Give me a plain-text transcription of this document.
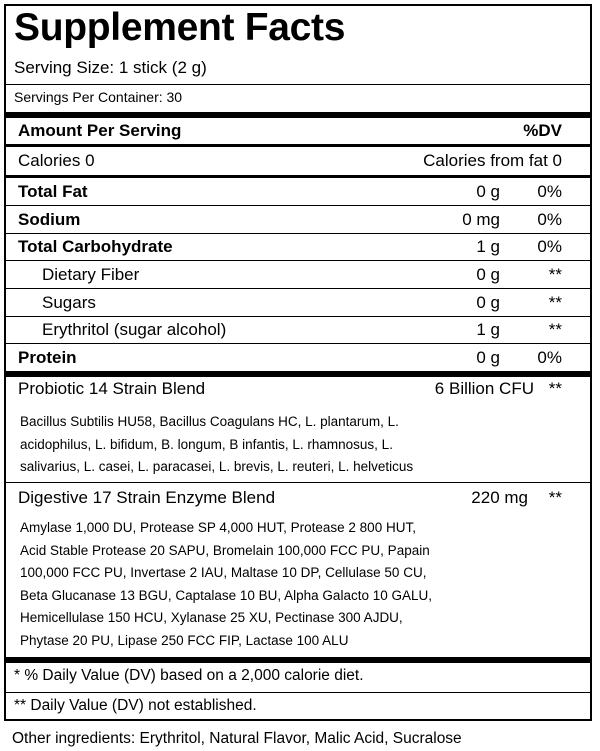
Supplement Facts
Serving Size: 1 stick (2 g)
Servings Per Container: 30
Amount Per Serving	%DV
Calories 0	Calories from fat 0
Total Fat	0 g 0%
Sodium	0 mg 0%
Total Carbohydrate	1 g 0%
Dietary Fiber	0 g	**
Sugars	0 g	**
Erythritol (sugar alcohol)	1 g	**
Protein	0 g 0%
Probiotic 14 Strain Blend	6 Billion CFU **
Bacillus Subtilis HU58, Bacillus Coagulans HC, L. plantarum, L.
acidophilus, L. bifidum, B. longum, B infantis, L. rhamnosus, L.
salivarius, L. casei, L. paracasei, L. brevis, L. reuteri, L. helveticus
Digestive 17 Strain Enzyme Blend	220 mg **
Amylase 1,000 DU, Protease SP 4,000 HUT, Protease 2 800 HUT,
Acid Stable Protease 20 SAPU, Bromelain 100,000 FCC PU, Papain
100,000 FCC PU, Invertase 2 IAU, Maltase 10 DP, Cellulase 50 CU,
Beta Glucanase 13 BGU, Captalase 10 BU, Alpha Galacto 10 GALU,
Hemicellulase 150 HCU, Xylanase 25 XU, Pectinase 300 AJDU,
Phytase 20 PU, Lipase 250 FCC FIP, Lactase 100 ALU
* % Daily Value (DV) based on a 2,000 calorie diet.
** Daily Value (DV) not established.
Other ingredients: Erythritol, Natural Flavor, Malic Acid, Sucralose
